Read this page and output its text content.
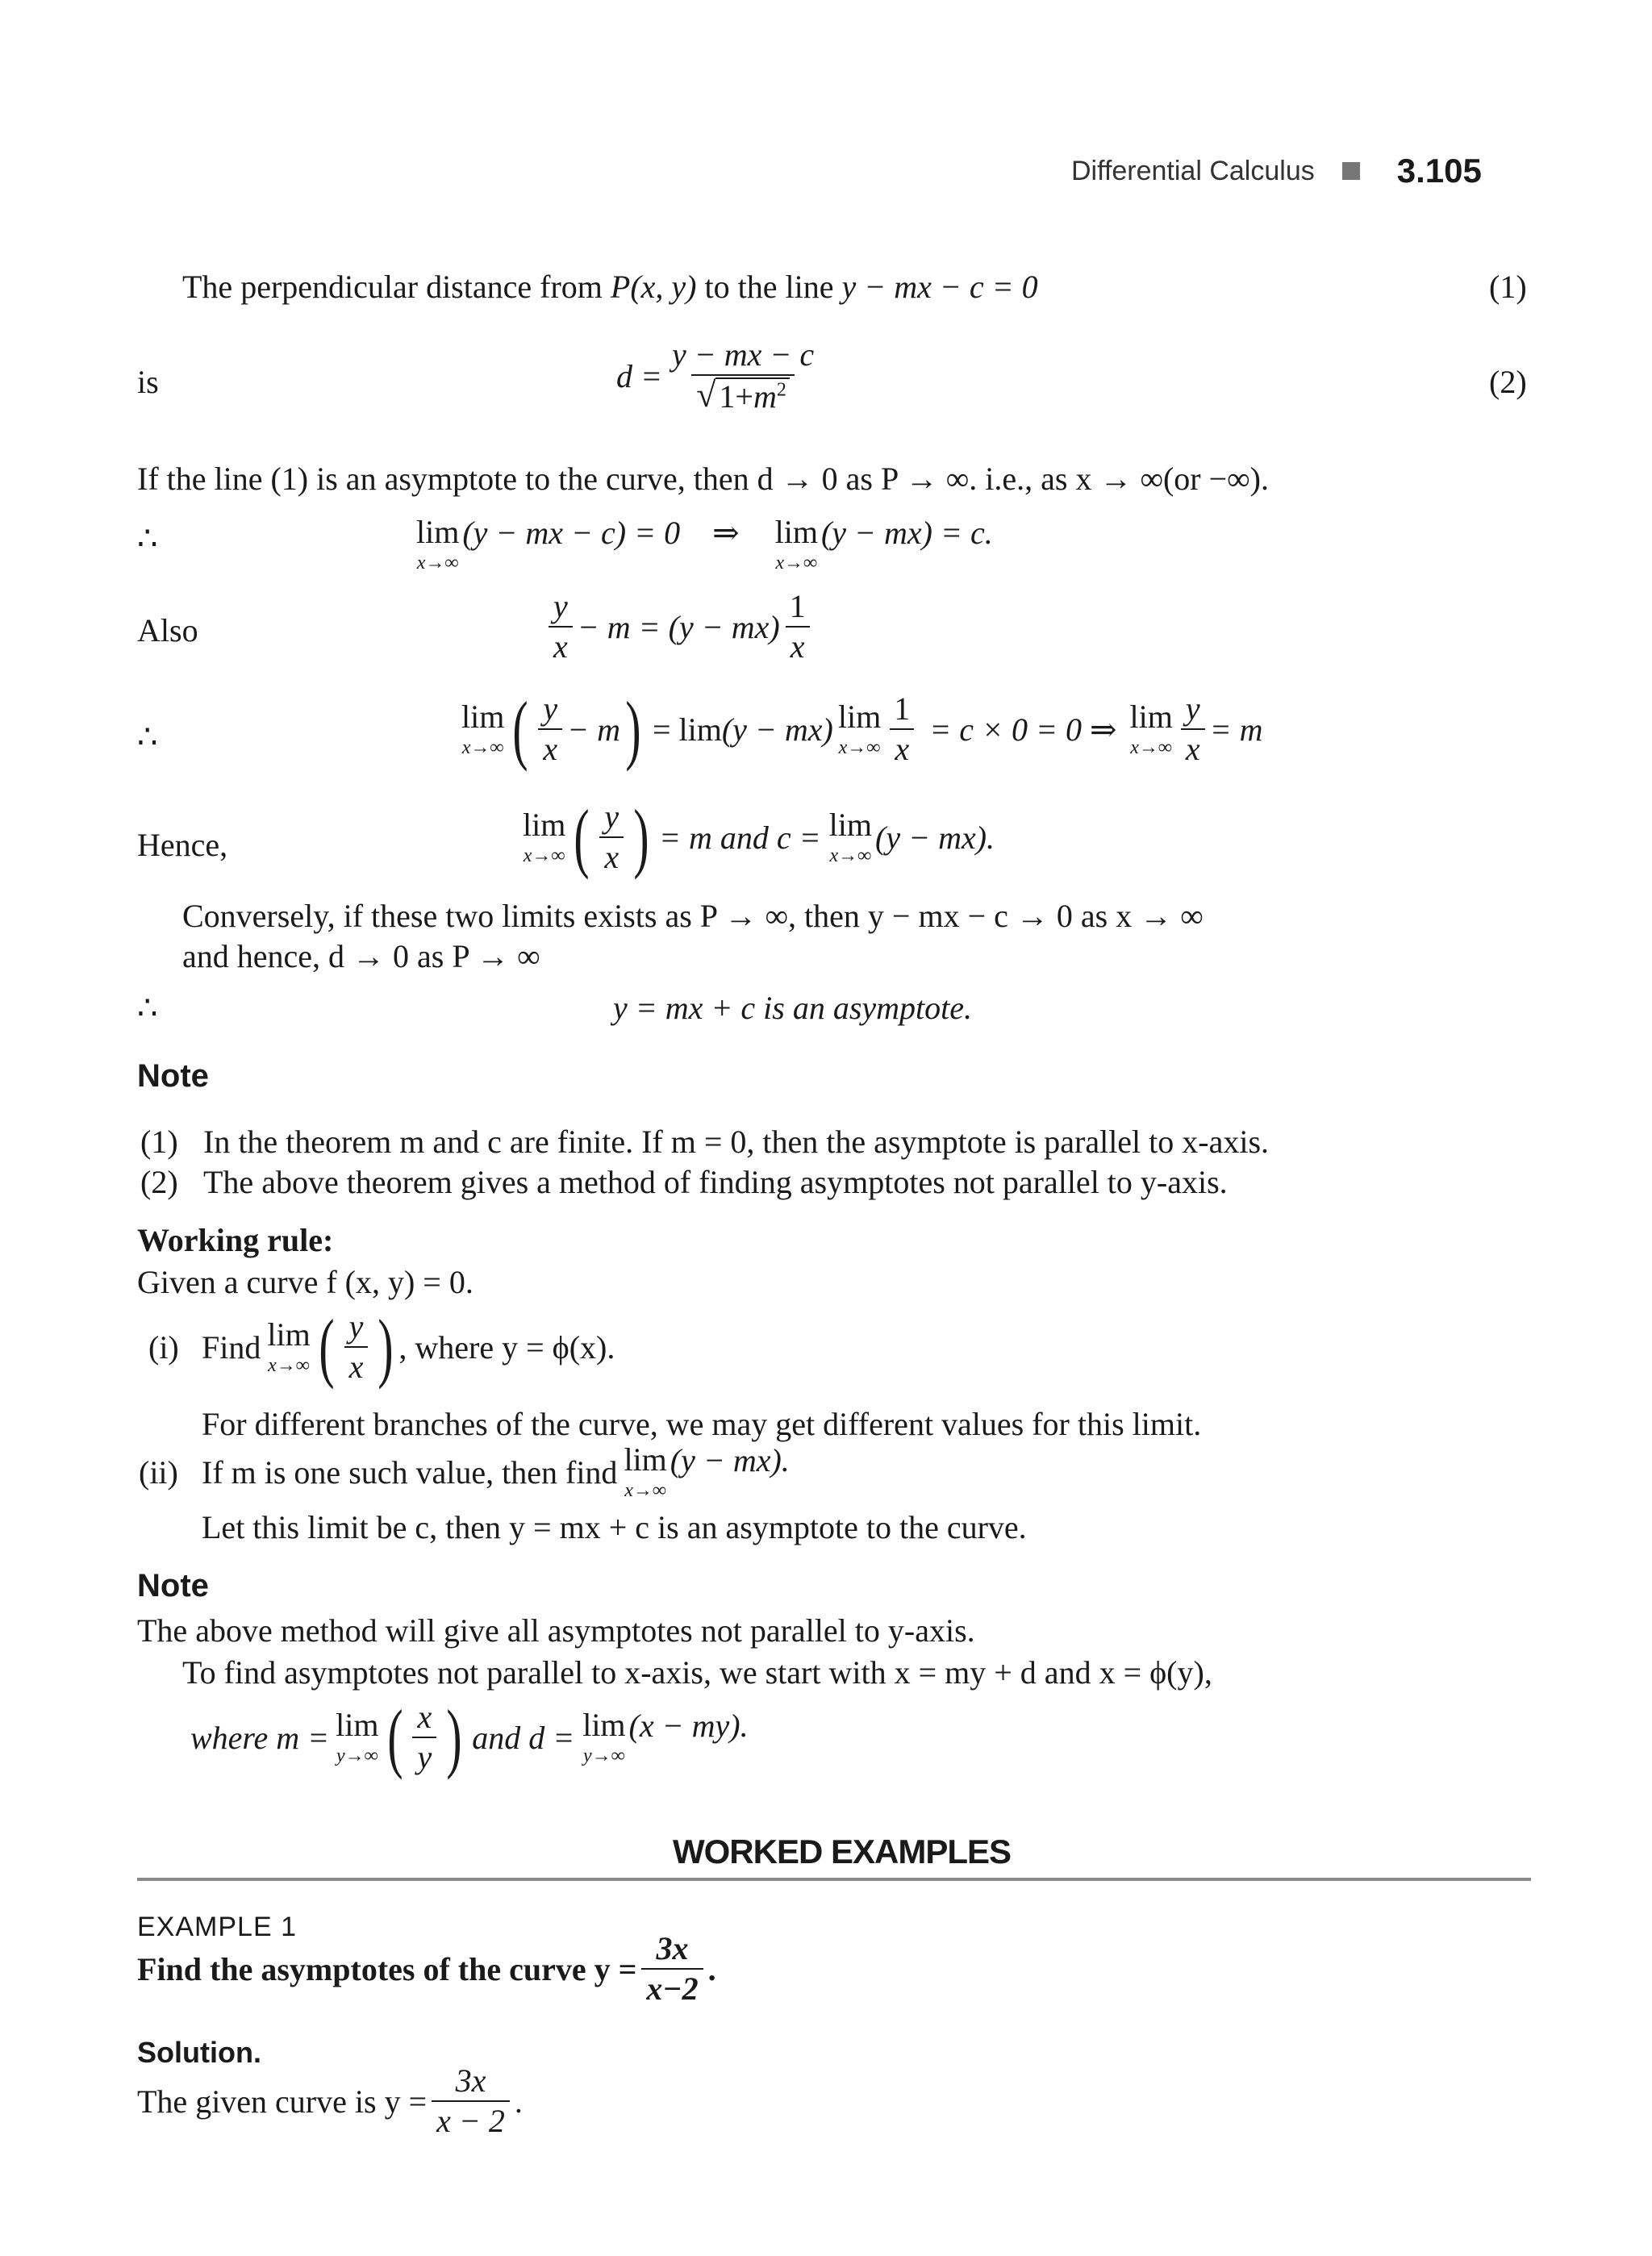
Differential Calculus 3.105
The perpendicular distance from P(x, y) to the line y − mx − c = 0	(1)
is	$d = \frac{y - mx - c}{√ 1+m^2}$	(2)
If the line (1) is an asymptote to the curve, then d → 0 as P → ∞. i.e., as x → ∞(or −∞).
∴	lim
x→∞
(y − mx − c) = 0 ⇒ lim
x→∞
(y − mx) = c.
Also	$\frac{y}{x} - m = (y - mx) \frac{1}{x}$
∴
lim
x→∞ ( $\frac{y}{x} - m$ ) = lim (y − mx) lim
$x\to\infty \frac{1}{x} = c \times 0 = 0$ ⇒ lim
$x\to\infty \frac{y}{x} = m$
Hence,
lim
x→∞ ( $\frac{y}{x}$ ) = m and c = lim
x→∞
(y − mx).
Conversely, if these two limits exists as P → ∞, then y − mx − c → 0 as x → ∞
and hence, d → 0 as P → ∞
∴	y = mx + c is an asymptote.
Note
(1) In the theorem m and c are finite. If m = 0, then the asymptote is parallel to x-axis.
(2) The above theorem gives a method of finding asymptotes not parallel to y-axis.
Working rule:
Given a curve f (x, y) = 0.
(i) Find lim
x→∞ ( $\frac{y}{x}$ ) , where y = ϕ(x).
For different branches of the curve, we may get different values for this limit.
(ii) If m is one such value, then find lim
x→∞
(y − mx).
Let this limit be c, then y = mx + c is an asymptote to the curve.
Note
The above method will give all asymptotes not parallel to y-axis.
To find asymptotes not parallel to x-axis, we start with x = my + d and x = ϕ(y),
where m = lim
y→∞ ( $\frac{x}{y}$ ) and d = lim
y→∞
(x − my).
WORKED EXAMPLES
EXAMPLE 1
Find the asymptotes of the curve $y = \frac{3x}{x-2}$ .
Solution.
The given curve is $y = \frac{3x}{x - 2}$ .
